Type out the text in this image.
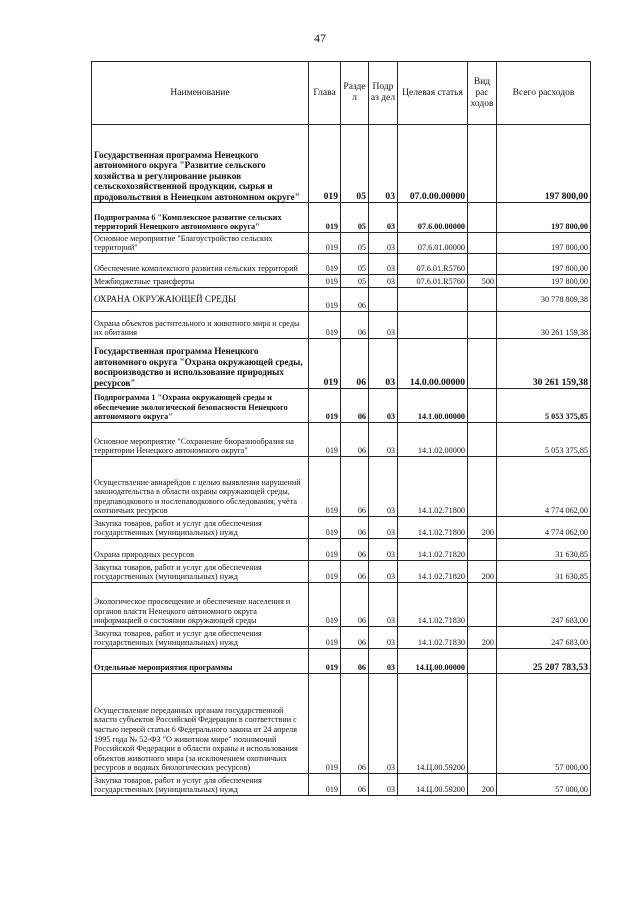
47
Наименование	Глава	Разде л	Подр аз дел	Целевая статья	Вид рас ходов	Всего расходов
Государственная программа Ненецкого автономного округа "Развитие сельского хозяйства и регулирование рынков сельскохозяйственной продукции, сырья и продовольствия в Ненецком автономном округе"	019	05	03	07.0.00.00000		197 800,00
Подпрограмма 6 "Комплексное развитие сельских территорий Ненецкого автономного округа"	019	05	03	07.6.00.00000		197 800,00
Основное мероприятие "Благоустройство сельских территорий"	019	05	03	07.6.01.00000		197 800,00
Обеспечение комплексного развития сельских территорий	019	05	03	07.6.01.R5760		197 800,00
Межбюджетные трансферты	019	05	03	07.6.01.R5760	500	197 800,00
ОХРАНА ОКРУЖАЮЩЕЙ СРЕДЫ	019	06				30 778 809,38
Охрана объектов растительного и животного мира и среды их обитания	019	06	03			30 261 159,38
Государственная программа Ненецкого автономного округа "Охрана окружающей среды, воспроизводство и использование природных ресурсов"	019	06	03	14.0.00.00000		30 261 159,38
Подпрограмма 1 "Охрана окружающей среды и обеспечение экологической безопасности Ненецкого автономного округа"	019	06	03	14.1.00.00000		5 053 375,85
Основное мероприятие "Сохранение биоразнообразия на территории Ненецкого автономного округа"	019	06	03	14.1.02.00000		5 053 375,85
Осуществление авиарейдов с целью выявления нарушений законодательства в области охраны окружающей среды, предпаводкового и послепаводкового обследования, учёта охотничьих ресурсов	019	06	03	14.1.02.71800		4 774 062,00
Закупка товаров, работ и услуг для обеспечения государственных (муниципальных) нужд	019	06	03	14.1.02.71800	200	4 774 062,00
Охрана природных ресурсов	019	06	03	14.1.02.71820		31 630,85
Закупка товаров, работ и услуг для обеспечения государственных (муниципальных) нужд	019	06	03	14.1.02.71820	200	31 630,85
Экологическое просвещение и обеспечение населения и органов власти Ненецкого автономного округа информацией о состоянии окружающей среды	019	06	03	14.1.02.71830		247 683,00
Закупка товаров, работ и услуг для обеспечения государственных (муниципальных) нужд	019	06	03	14.1.02.71830	200	247 683,00
Отдельные мероприятия программы	019	06	03	14.Ц.00.00000		25 207 783,53
Осуществление переданных органам государственной власти субъектов Российской Федерации в соответствии с частью первой статьи 6 Федерального закона от 24 апреля 1995 года № 52-ФЗ "О животном мире" полномочий Российской Федерации в области охраны и использования объектов животного мира (за исключением охотничьих ресурсов и водных биологических ресурсов)	019	06	03	14.Ц.00.59200		57 000,00
Закупка товаров, работ и услуг для обеспечения государственных (муниципальных) нужд	019	06	03	14.Ц.00.59200	200	57 000,00
